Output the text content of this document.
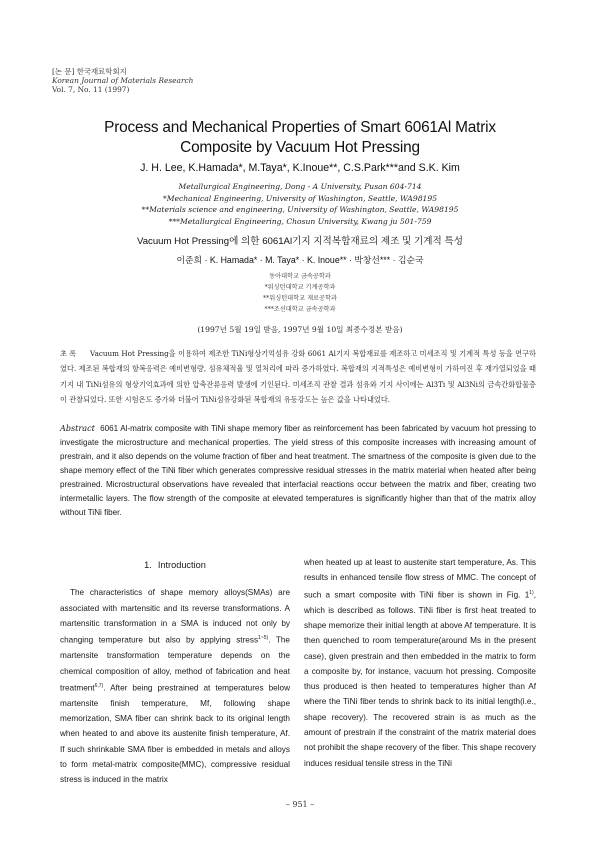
[논 문] 한국재료학회지
Korean Journal of Materials Research
Vol. 7, No. 11 (1997)
Process and Mechanical Properties of Smart 6061Al Matrix
Composite by Vacuum Hot Pressing
J. H. Lee, K.Hamada*, M.Taya*, K.Inoue**, C.S.Park***and S.K. Kim
Metallurgical Engineering, Dong - A University, Pusan 604-714
*Mechanical Engineering, University of Washington, Seattle, WA98195
**Materials science and engineering, University of Washington, Seattle, WA98195
***Metallurgical Engineering, Chosun University, Kwang ju 501-759
Vacuum Hot Pressing에 의한 6061Al기지 지적복합재료의 제조 및 기계적 특성
이준희 · K. Hamada* · M. Taya* · K. Inoue** · 박창선*** · 김순국
동아대학교 금속공학과
*워싱턴대학교 기계공학과
**워싱턴대학교 재료공학과
***조선대학교 금속공학과
(1997년 5월 19일 받음, 1997년 9월 10일 최종수정본 받음)
초 록 Vacuum Hot Pressing을 이용하여 제조한 TiNi형상기억섬유 강화 6061 Al기지 복합재료를 제조하고 미세조직 및 기계적 특성 등을 연구하였다. 제조된 복합재의 항복응력은 예비변형량, 섬유체적율 및 열처리에 따라 증가하였다. 복합재의 지적특성은 예비변형이 가하여진 후 재가열되었을 때 기지 내 TiNi섬유의 형상기억효과에 의한 압축잔류응력 발생에 기인된다. 미세조직 관찰 결과 섬유와 기지 사이에는 Al3Ti 및 Al3Ni의 금속간화합물층이 관찰되었다. 또한 시험온도 증가와 더불어 TiNi섬유강화된 복합재의 유동강도는 높은 값을 나타내었다.
Abstract 6061 Al-matrix composite with TiNi shape memory fiber as reinforcement has been fabricated by vacuum hot pressing to investigate the microstructure and mechanical properties. The yield stress of this composite increases with increasing amount of prestrain, and it also depends on the volume fraction of fiber and heat treatment. The smartness of the composite is given due to the shape memory effect of the TiNi fiber which generates compressive residual stresses in the matrix material when heated after being prestrained. Microstructural observations have revealed that interfacial reactions occur between the matrix and fiber, creating two intermetallic layers. The flow strength of the composite at elevated temperatures is significantly higher than that of the matrix alloy without TiNi fiber.
1. Introduction

The characteristics of shape memory alloys(SMAs) are associated with martensitic and its reverse transformations. A martensitic transformation in a SMA is induced not only by changing temperature but also by applying stress$^{1\sim 5)}$. The martensite transformation temperature depends on the chemical composition of alloy, method of fabrication and heat treatment$^{6,7)}$. After being prestrained at temperatures below martensite finish temperature, Mf, following shape memorization, SMA fiber can shrink back to its original length when heated to and above its austenite finish temperature, Af. If such shrinkable SMA fiber is embedded in metals and alloys to form metal-matrix composite(MMC), compressive residual stress is induced in the matrix

when heated up at least to austenite start temperature, As. This results in enhanced tensile flow stress of MMC. The concept of such a smart composite with TiNi fiber is shown in Fig. 1$^{1)}$, which is described as follows. TiNi fiber is first heat treated to shape memorize their initial length at above Af temperature. It is then quenched to room temperature(around Ms in the present case), given prestrain and then embedded in the matrix to form a composite by, for instance, vacuum hot pressing. Composite thus produced is then heated to temperatures higher than Af where the TiNi fiber tends to shrink back to its initial length(i.e., shape recovery). The recovered strain is as much as the amount of prestrain if the constraint of the matrix material does not prohibit the shape recovery of the fiber. This shape recovery induces residual tensile stress in the TiNi

– 951 –
